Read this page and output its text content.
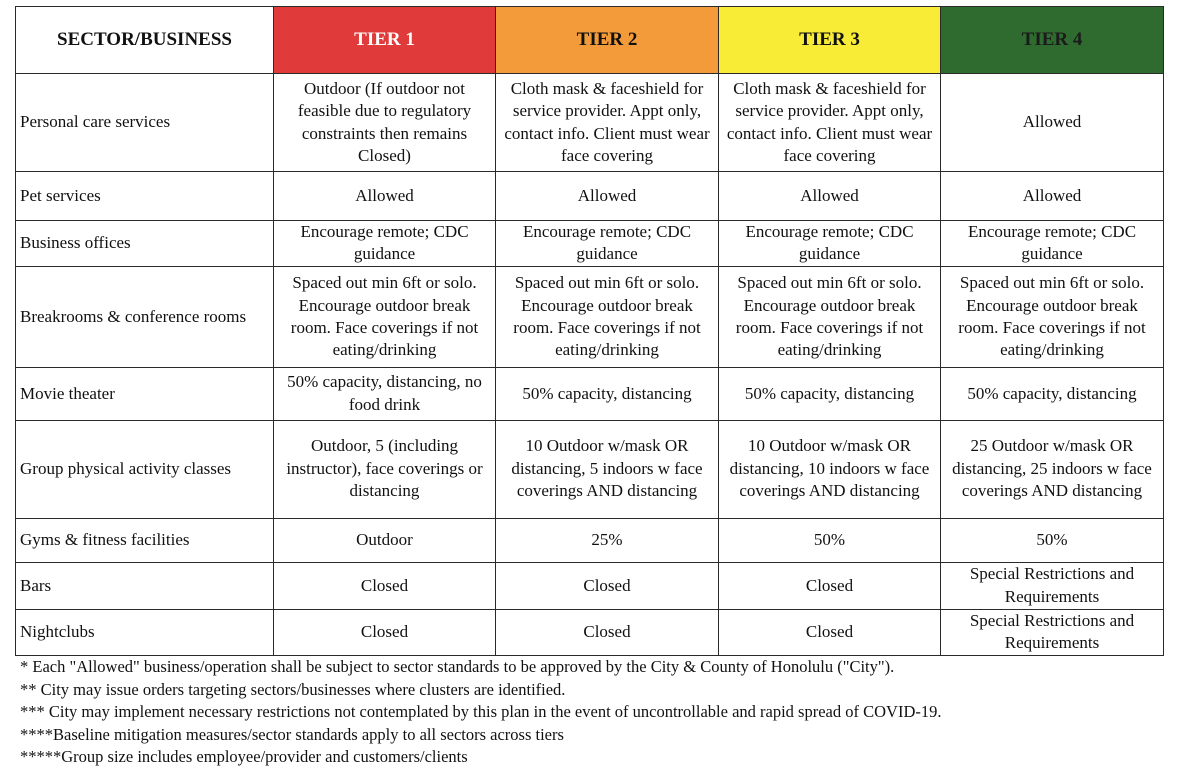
SECTOR/BUSINESS	TIER 1	TIER 2	TIER 3	TIER 4
Personal care services	Outdoor (If outdoor not feasible due to regulatory constraints then remains Closed)	Cloth mask & faceshield for service provider. Appt only, contact info. Client must wear face covering	Cloth mask & faceshield for service provider. Appt only, contact info. Client must wear face covering	Allowed
Pet services	Allowed	Allowed	Allowed	Allowed
Business offices	Encourage remote; CDC guidance	Encourage remote; CDC guidance	Encourage remote; CDC guidance	Encourage remote; CDC guidance
Breakrooms & conference rooms	Spaced out min 6ft or solo. Encourage outdoor break room. Face coverings if not eating/drinking	Spaced out min 6ft or solo. Encourage outdoor break room. Face coverings if not eating/drinking	Spaced out min 6ft or solo. Encourage outdoor break room. Face coverings if not eating/drinking	Spaced out min 6ft or solo. Encourage outdoor break room. Face coverings if not eating/drinking
Movie theater	50% capacity, distancing, no food drink	50% capacity, distancing	50% capacity, distancing	50% capacity, distancing
Group physical activity classes	Outdoor, 5 (including instructor), face coverings or distancing	10 Outdoor w/mask OR distancing, 5 indoors w face coverings AND distancing	10 Outdoor w/mask OR distancing, 10 indoors w face coverings AND distancing	25 Outdoor w/mask OR distancing, 25 indoors w face coverings AND distancing
Gyms & fitness facilities	Outdoor	25%	50%	50%
Bars	Closed	Closed	Closed	Special Restrictions and Requirements
Nightclubs	Closed	Closed	Closed	Special Restrictions and Requirements
* Each "Allowed" business/operation shall be subject to sector standards to be approved by the City & County of Honolulu ("City").
** City may issue orders targeting sectors/businesses where clusters are identified.
*** City may implement necessary restrictions not contemplated by this plan in the event of uncontrollable and rapid spread of COVID-19.
****Baseline mitigation measures/sector standards apply to all sectors across tiers
*****Group size includes employee/provider and customers/clients
